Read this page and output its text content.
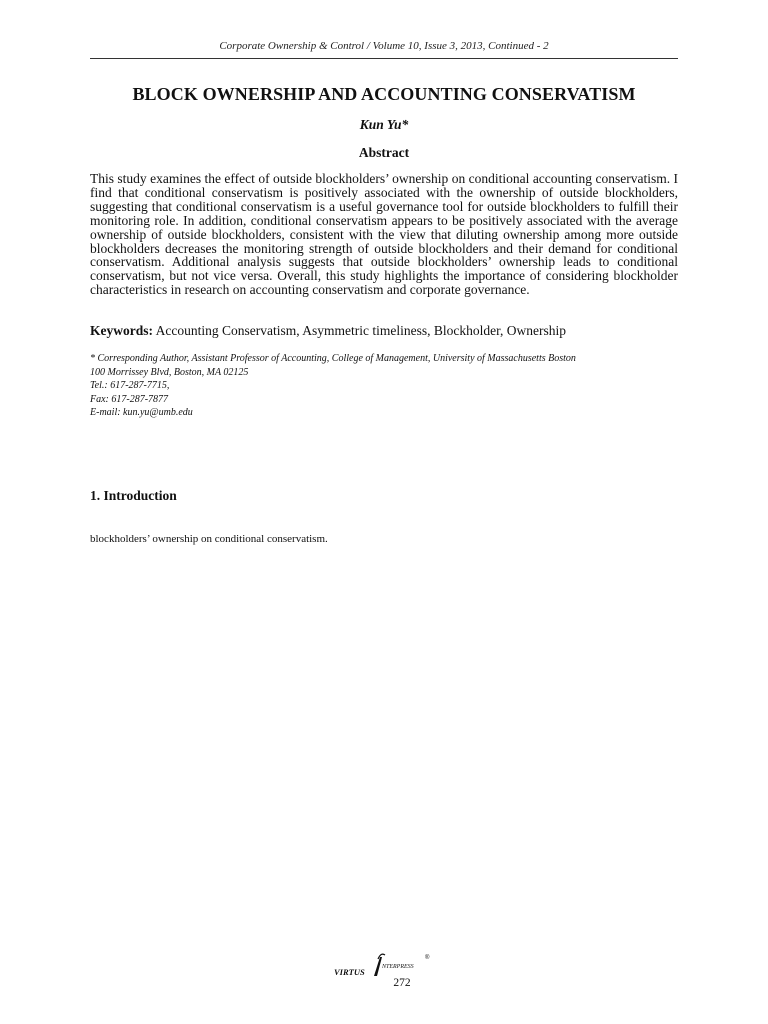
Corporate Ownership & Control / Volume 10, Issue 3, 2013, Continued - 2
BLOCK OWNERSHIP AND ACCOUNTING CONSERVATISM
Kun Yu*
Abstract
This study examines the effect of outside blockholders’ ownership on conditional accounting conservatism. I find that conditional conservatism is positively associated with the ownership of outside blockholders, suggesting that conditional conservatism is a useful governance tool for outside blockholders to fulfill their monitoring role. In addition, conditional conservatism appears to be positively associated with the average ownership of outside blockholders, consistent with the view that diluting ownership among more outside blockholders decreases the monitoring strength of outside blockholders and their demand for conditional conservatism. Additional analysis suggests that outside blockholders’ ownership leads to conditional conservatism, but not vice versa. Overall, this study highlights the importance of considering blockholder characteristics in research on accounting conservatism and corporate governance.
Keywords: Accounting Conservatism, Asymmetric timeliness, Blockholder, Ownership
* Corresponding Author, Assistant Professor of Accounting, College of Management, University of Massachusetts Boston
100 Morrissey Blvd, Boston, MA 02125
Tel.: 617-287-7715,
Fax: 617-287-7877
E-mail: kun.yu@umb.edu
1. Introduction
blockholders’ ownership on conditional conservatism.
VIRTUS	NTERPRESS
®
272
